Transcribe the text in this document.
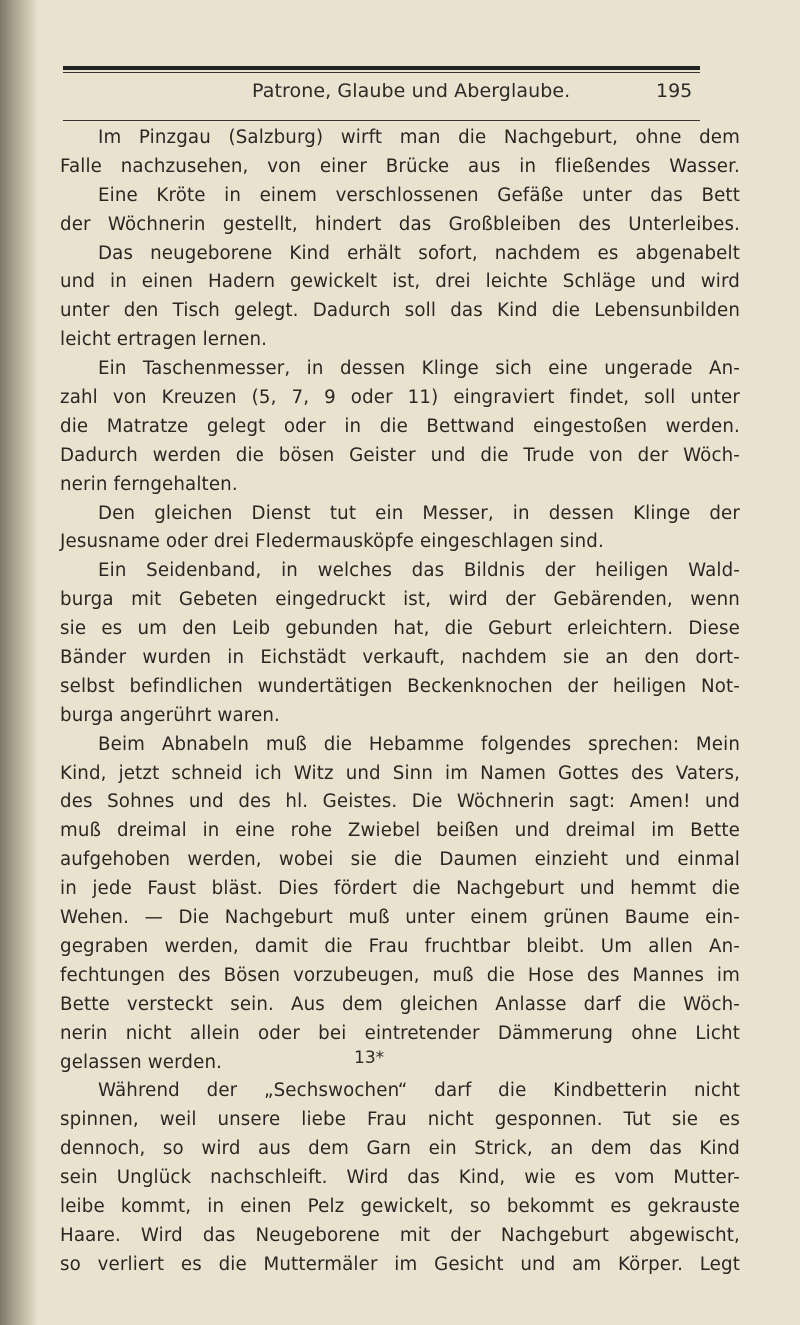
Patrone, Glaube und Aberglaube.	195
Im Pinzgau (Salzburg) wirft man die Nachgeburt, ohne dem
Falle nachzusehen, von einer Brücke aus in fließendes Wasser.
Eine Kröte in einem verschlossenen Gefäße unter das Bett
der Wöchnerin gestellt, hindert das Großbleiben des Unterleibes.
Das neugeborene Kind erhält sofort, nachdem es abgenabelt
und in einen Hadern gewickelt ist, drei leichte Schläge und wird
unter den Tisch gelegt. Dadurch soll das Kind die Lebensunbilden
leicht ertragen lernen.
Ein Taschenmesser, in dessen Klinge sich eine ungerade An-
zahl von Kreuzen (5, 7, 9 oder 11) eingraviert findet, soll unter
die Matratze gelegt oder in die Bettwand eingestoßen werden.
Dadurch werden die bösen Geister und die Trude von der Wöch-
nerin ferngehalten.
Den gleichen Dienst tut ein Messer, in dessen Klinge der
Jesusname oder drei Fledermausköpfe eingeschlagen sind.
Ein Seidenband, in welches das Bildnis der heiligen Wald-
burga mit Gebeten eingedruckt ist, wird der Gebärenden, wenn
sie es um den Leib gebunden hat, die Geburt erleichtern. Diese
Bänder wurden in Eichstädt verkauft, nachdem sie an den dort-
selbst befindlichen wundertätigen Beckenknochen der heiligen Not-
burga angerührt waren.
Beim Abnabeln muß die Hebamme folgendes sprechen: Mein
Kind, jetzt schneid ich Witz und Sinn im Namen Gottes des Vaters,
des Sohnes und des hl. Geistes. Die Wöchnerin sagt: Amen! und
muß dreimal in eine rohe Zwiebel beißen und dreimal im Bette
aufgehoben werden, wobei sie die Daumen einzieht und einmal
in jede Faust bläst. Dies fördert die Nachgeburt und hemmt die
Wehen. — Die Nachgeburt muß unter einem grünen Baume ein-
gegraben werden, damit die Frau fruchtbar bleibt. Um allen An-
fechtungen des Bösen vorzubeugen, muß die Hose des Mannes im
Bette versteckt sein. Aus dem gleichen Anlasse darf die Wöch-
nerin nicht allein oder bei eintretender Dämmerung ohne Licht
gelassen werden.
Während der „Sechswochen“ darf die Kindbetterin nicht
spinnen, weil unsere liebe Frau nicht gesponnen. Tut sie es
dennoch, so wird aus dem Garn ein Strick, an dem das Kind
sein Unglück nachschleift. Wird das Kind, wie es vom Mutter-
leibe kommt, in einen Pelz gewickelt, so bekommt es gekrauste
Haare. Wird das Neugeborene mit der Nachgeburt abgewischt,
so verliert es die Muttermäler im Gesicht und am Körper. Legt
13*
